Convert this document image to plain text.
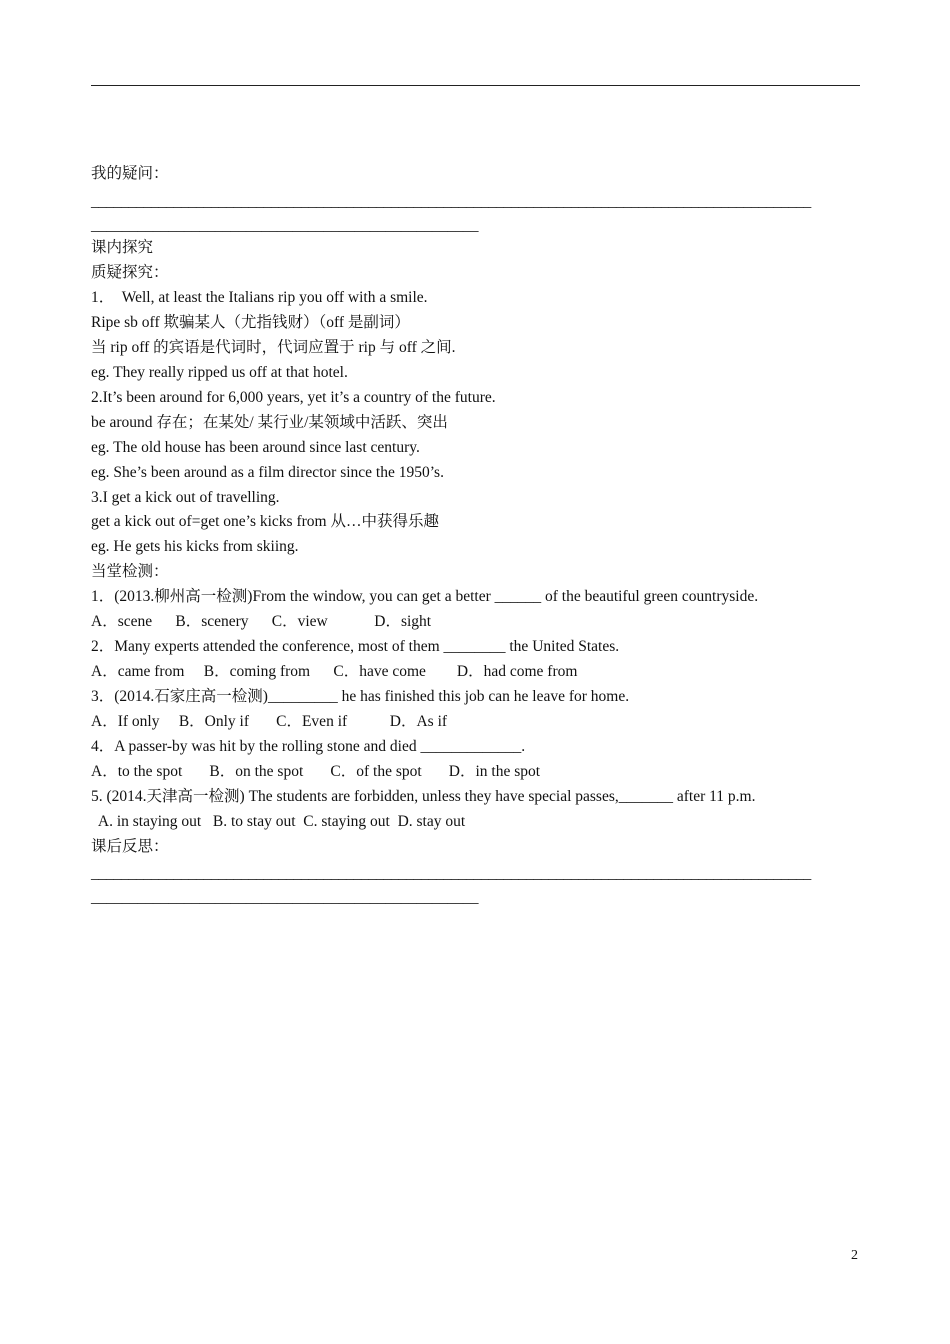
我的疑问：
________________________________________________________________________________________________
__________________________________________________
课内探究
质疑探究：
1．  Well, at least the Italians rip you off with a smile.
Ripe sb off 欺骗某人（尤指钱财）（off 是副词）
当 rip off 的宾语是代词时，代词应置于 rip 与 off 之间.
eg. They really ripped us off at that hotel.
2.It’s been around for 6,000 years, yet it’s a country of the future.
be around 存在；在某处/ 某行业/某领域中活跃、突出
eg. The old house has been around since last century.
eg. She’s been around as a film director since the 1950’s.
3.I get a kick out of travelling.
get a kick out of=get one’s kicks from 从…中获得乐趣
eg. He gets his kicks from skiing.
当堂检测：
1．(2013.柳州高一检测)From the window, you can get a better ______ of the beautiful green countryside.
A．scene      B．scenery      C．view            D．sight
2．Many experts attended the conference, most of them ________ the United States.
A．came from     B．coming from      C．have come        D．had come from
3．(2014.石家庄高一检测)_________ he has finished this job can he leave for home.
A．If only     B．Only if       C．Even if           D．As if
4．A passer-by was hit by the rolling stone and died _____________.
A．to the spot       B．on the spot       C．of the spot       D．in the spot
5. (2014.天津高一检测) The students are forbidden, unless they have special passes,_______ after 11 p.m.
A. in staying out   B. to stay out  C. staying out  D. stay out
课后反思：
________________________________________________________________________________________________
__________________________________________________
2
